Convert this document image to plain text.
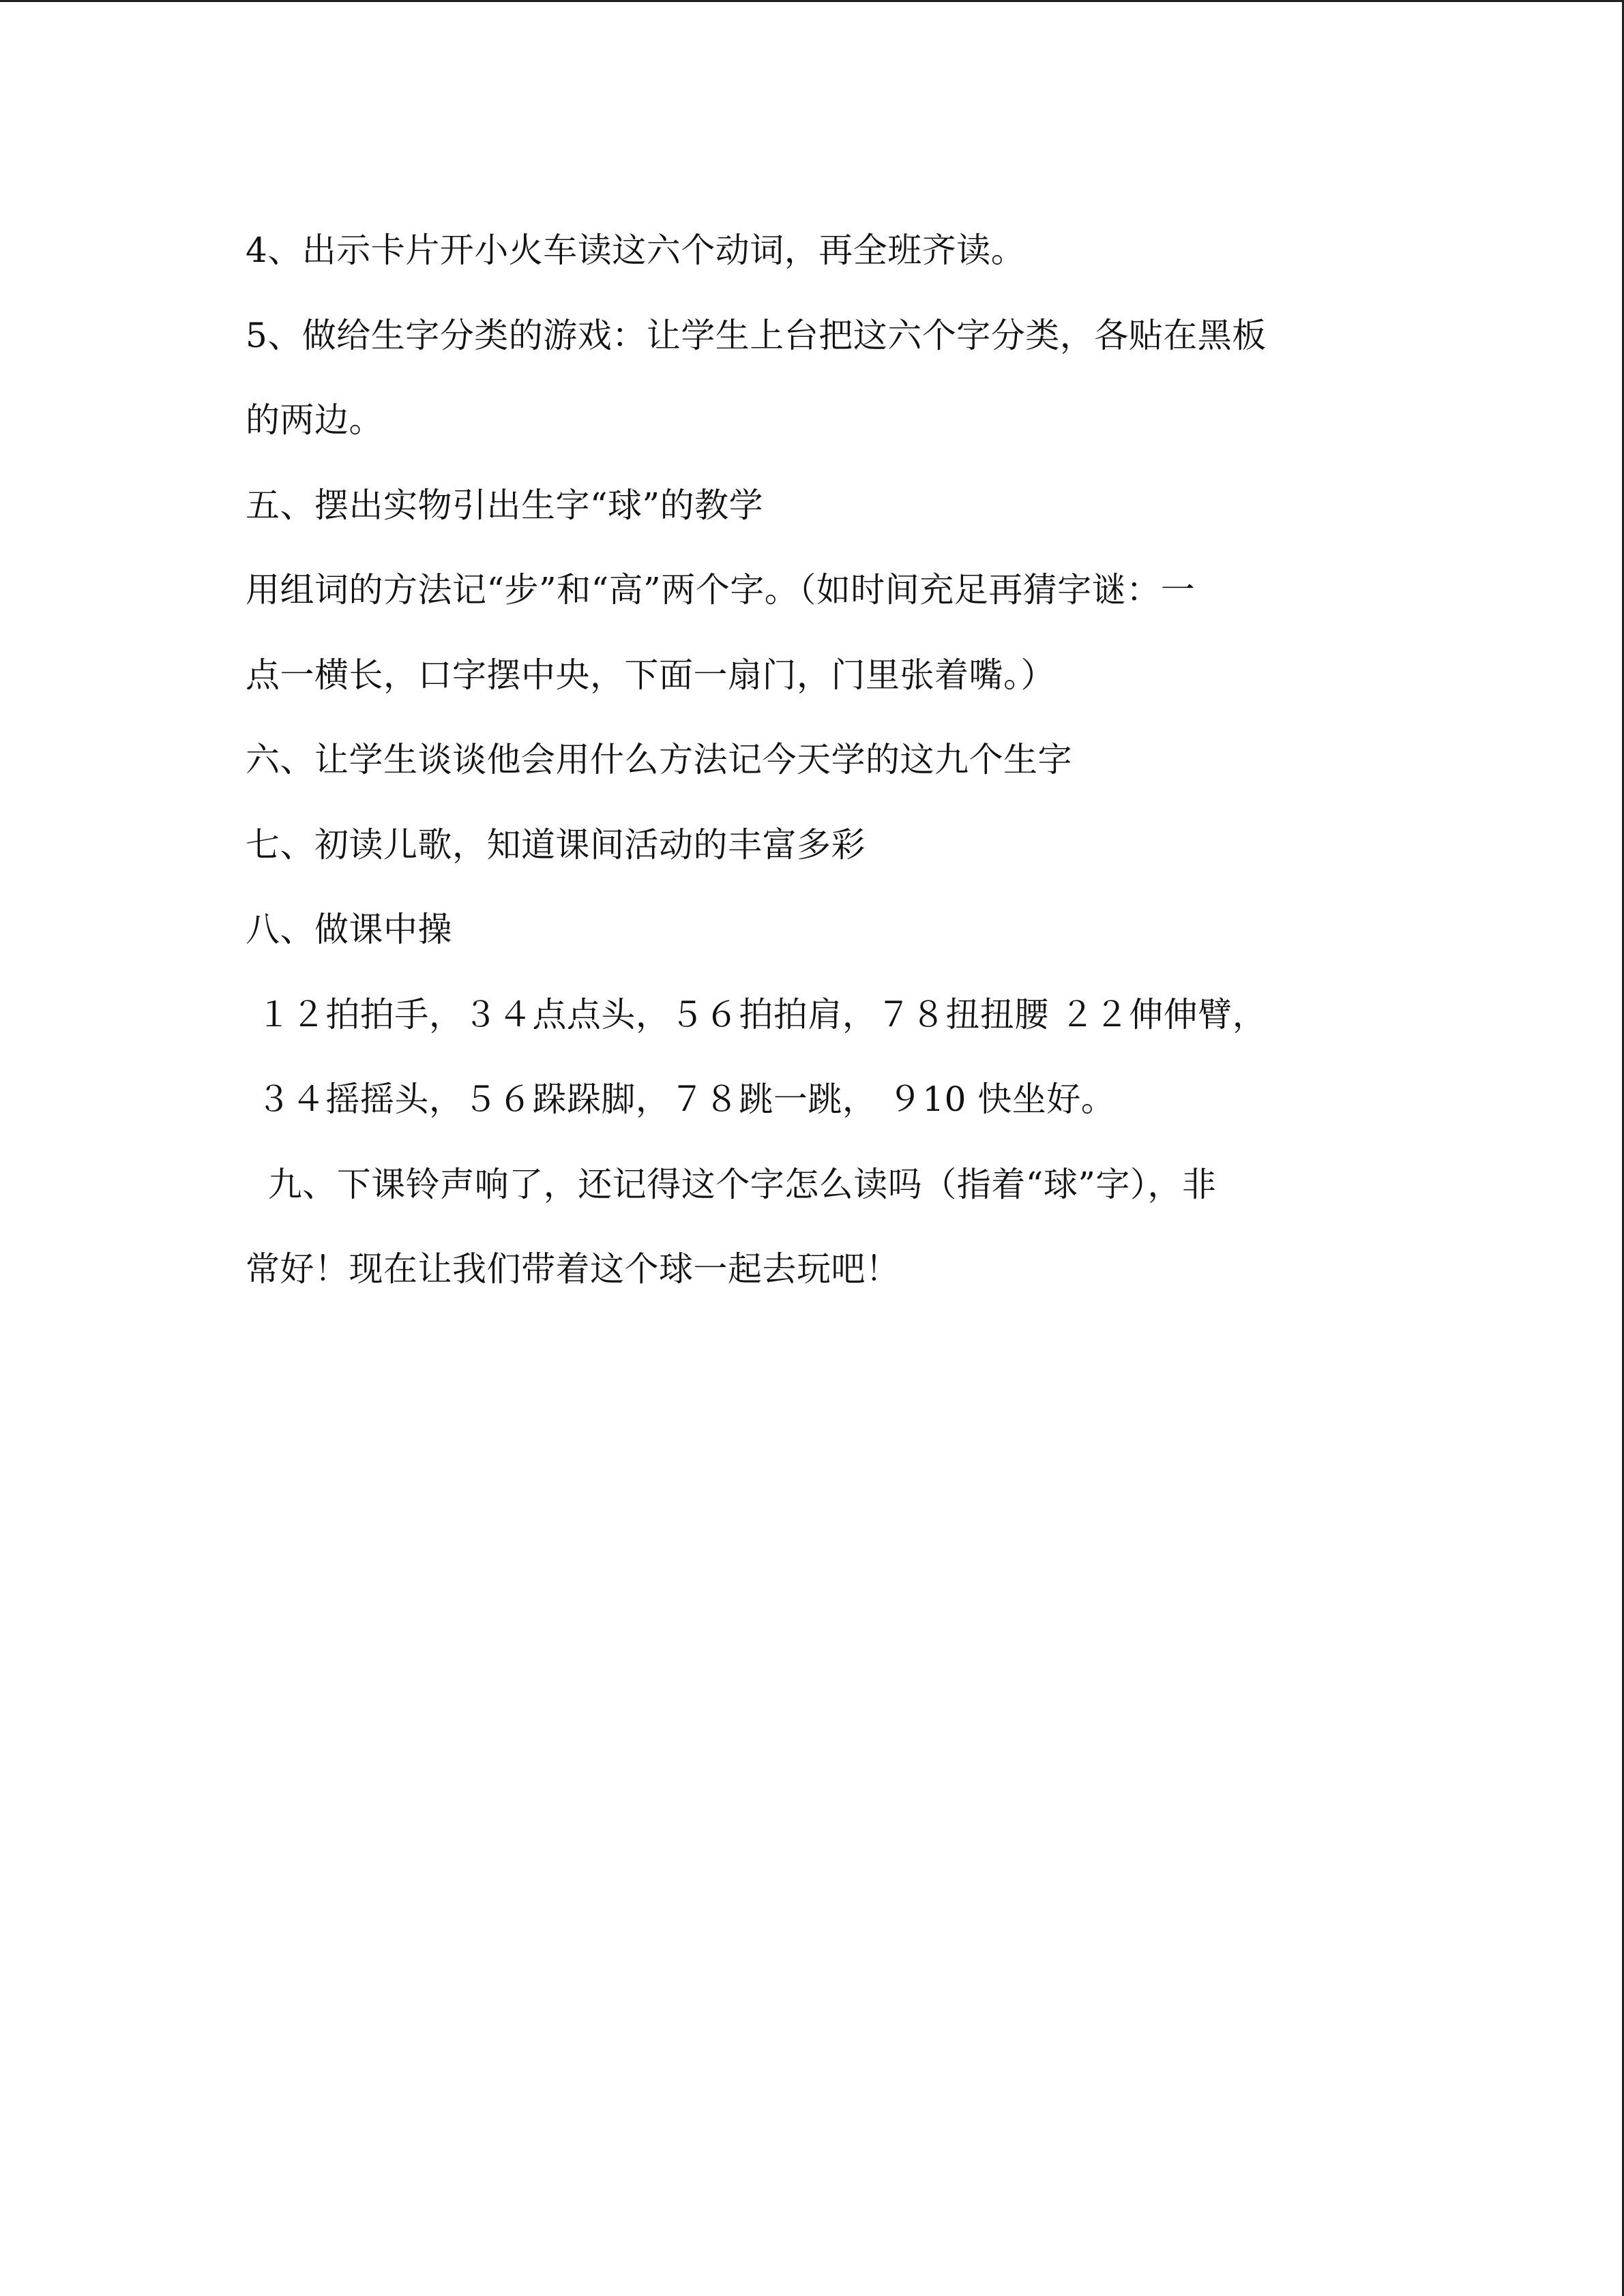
4、出示卡片开小火车读这六个动词，再全班齐读。
5、做给生字分类的游戏：让学生上台把这六个字分类，各贴在黑板
的两边。
五、摆出实物引出生字“球”的教学
用组词的方法记“步”和“高”两个字。（如时间充足再猜字谜：一
点一横长，口字摆中央，下面一扇门，门里张着嘴。）
六、让学生谈谈他会用什么方法记今天学的这九个生字
七、初读儿歌，知道课间活动的丰富多彩
八、做课中操
１２拍拍手，３４点点头，５６拍拍肩，７８扭扭腰 ２２伸伸臂，
３４摇摇头，５６跺跺脚，７８跳一跳， ９10 快坐好。
九、下课铃声响了，还记得这个字怎么读吗（指着“球”字），非
常好！现在让我们带着这个球一起去玩吧！
